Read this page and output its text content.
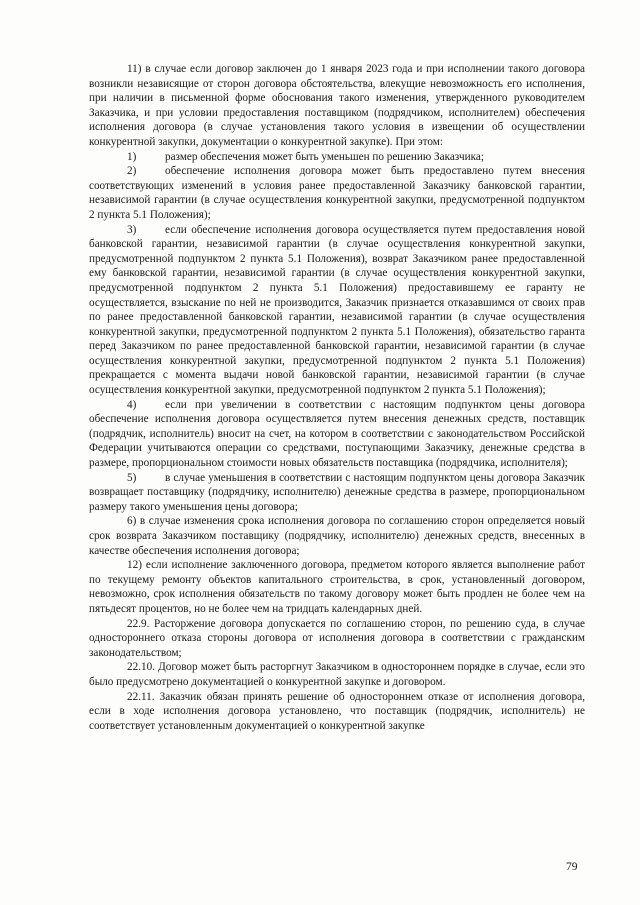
11) в случае если договор заключен до 1 января 2023 года и при исполнении такого договора возникли независящие от сторон договора обстоятельства, влекущие невозможность его исполнения, при наличии в письменной форме обоснования такого изменения, утвержденного руководителем Заказчика, и при условии предоставления поставщиком (подрядчиком, исполнителем) обеспечения исполнения договора (в случае установления такого условия в извещении об осуществлении конкурентной закупки, документации о конкурентной закупке). При этом:

1)	размер обеспечения может быть уменьшен по решению Заказчика;

2)	обеспечение исполнения договора может быть предоставлено путем внесения соответствующих изменений в условия ранее предоставленной Заказчику банковской гарантии, независимой гарантии (в случае осуществления конкурентной закупки, предусмотренной подпунктом 2 пункта 5.1 Положения);

3)	если обеспечение исполнения договора осуществляется путем предоставления новой банковской гарантии, независимой гарантии (в случае осуществления конкурентной закупки, предусмотренной подпунктом 2 пункта 5.1 Положения), возврат Заказчиком ранее предоставленной ему банковской гарантии, независимой гарантии (в случае осуществления конкурентной закупки, предусмотренной подпунктом 2 пункта 5.1 Положения) предоставившему ее гаранту не осуществляется, взыскание по ней не производится, Заказчик признается отказавшимся от своих прав по ранее предоставленной банковской гарантии, независимой гарантии (в случае осуществления конкурентной закупки, предусмотренной подпунктом 2 пункта 5.1 Положения), обязательство гаранта перед Заказчиком по ранее предоставленной банковской гарантии, независимой гарантии (в случае осуществления конкурентной закупки, предусмотренной подпунктом 2 пункта 5.1 Положения) прекращается с момента выдачи новой банковской гарантии, независимой гарантии (в случае осуществления конкурентной закупки, предусмотренной подпунктом 2 пункта 5.1 Положения);

4)	если при увеличении в соответствии с настоящим подпунктом цены договора обеспечение исполнения договора осуществляется путем внесения денежных средств, поставщик (подрядчик, исполнитель) вносит на счет, на котором в соответствии с законодательством Российской Федерации учитываются операции со средствами, поступающими Заказчику, денежные средства в размере, пропорциональном стоимости новых обязательств поставщика (подрядчика, исполнителя);

5)	в случае уменьшения в соответствии с настоящим подпунктом цены договора Заказчик возвращает поставщику (подрядчику, исполнителю) денежные средства в размере, пропорциональном размеру такого уменьшения цены договора;

6) в случае изменения срока исполнения договора по соглашению сторон определяется новый срок возврата Заказчиком поставщику (подрядчику, исполнителю) денежных средств, внесенных в качестве обеспечения исполнения договора;

12) если исполнение заключенного договора, предметом которого является выполнение работ по текущему ремонту объектов капитального строительства, в срок, установленный договором, невозможно, срок исполнения обязательств по такому договору может быть продлен не более чем на пятьдесят процентов, но не более чем на тридцать календарных дней.

22.9. Расторжение договора допускается по соглашению сторон, по решению суда, в случае одностороннего отказа стороны договора от исполнения договора в соответствии с гражданским законодательством;

22.10. Договор может быть расторгнут Заказчиком в одностороннем порядке в случае, если это было предусмотрено документацией о конкурентной закупке и договором.

22.11. Заказчик обязан принять решение об одностороннем отказе от исполнения договора, если в ходе исполнения договора установлено, что поставщик (подрядчик, исполнитель) не соответствует установленным документацией о конкурентной закупке

79
